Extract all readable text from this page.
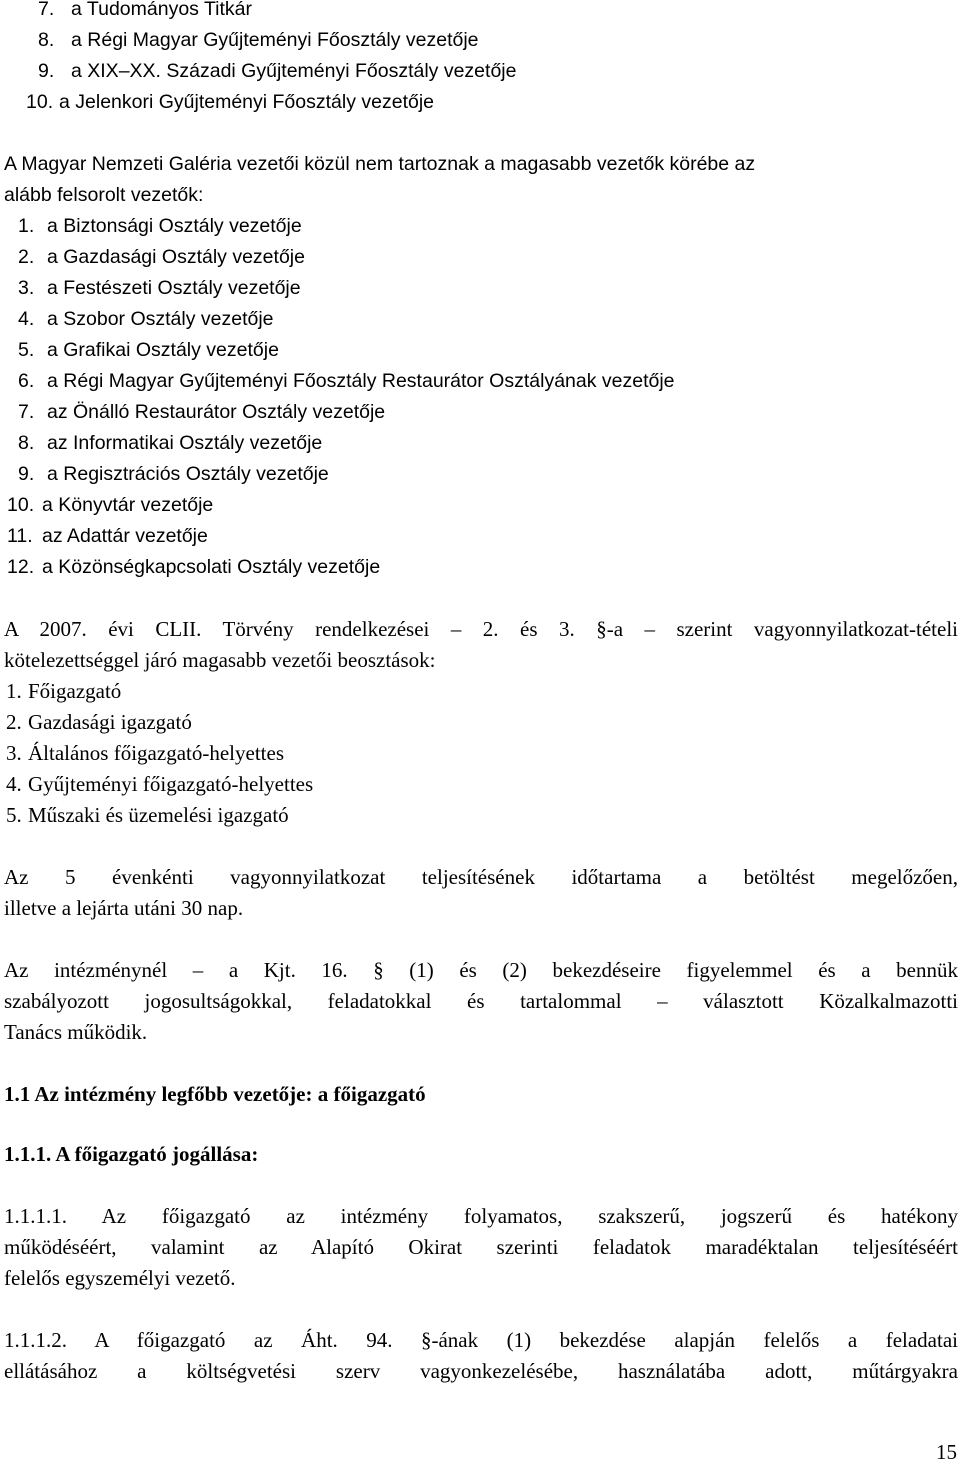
7. a Tudományos Titkár
8. a Régi Magyar Gyűjteményi Főosztály vezetője
9. a XIX–XX. Századi Gyűjteményi Főosztály vezetője
10. a Jelenkori Gyűjteményi Főosztály vezetője
A Magyar Nemzeti Galéria vezetői közül nem tartoznak a magasabb vezetők körébe az
alább felsorolt vezetők:
1. a Biztonsági Osztály vezetője
2. a Gazdasági Osztály vezetője
3. a Festészeti Osztály vezetője
4. a Szobor Osztály vezetője
5. a Grafikai Osztály vezetője
6. a Régi Magyar Gyűjteményi Főosztály Restaurátor Osztályának vezetője
7. az Önálló Restaurátor Osztály vezetője
8. az Informatikai Osztály vezetője
9. a Regisztrációs Osztály vezetője
10. a Könyvtár vezetője
11. az Adattár vezetője
12. a Közönségkapcsolati Osztály vezetője
A 2007. évi CLII. Törvény rendelkezései – 2. és 3. §-a – szerint vagyonnyilatkozat-tételi
kötelezettséggel járó magasabb vezetői beosztások:
1. Főigazgató
2. Gazdasági igazgató
3. Általános főigazgató-helyettes
4. Gyűjteményi főigazgató-helyettes
5. Műszaki és üzemelési igazgató
Az 5 évenkénti vagyonnyilatkozat teljesítésének időtartama a betöltést megelőzően,
illetve a lejárta utáni 30 nap.
Az intézménynél – a Kjt. 16. § (1) és (2) bekezdéseire figyelemmel és a bennük
szabályozott jogosultságokkal, feladatokkal és tartalommal – választott Közalkalmazotti
Tanács működik.
1.1 Az intézmény legfőbb vezetője: a főigazgató
1.1.1. A főigazgató jogállása:
1.1.1.1. Az főigazgató az intézmény folyamatos, szakszerű, jogszerű és hatékony
működéséért, valamint az Alapító Okirat szerinti feladatok maradéktalan teljesítéséért
felelős egyszemélyi vezető.
1.1.1.2. A főigazgató az Áht. 94. §-ának (1) bekezdése alapján felelős a feladatai
ellátásához a költségvetési szerv vagyonkezelésébe, használatába adott, műtárgyakra
15
